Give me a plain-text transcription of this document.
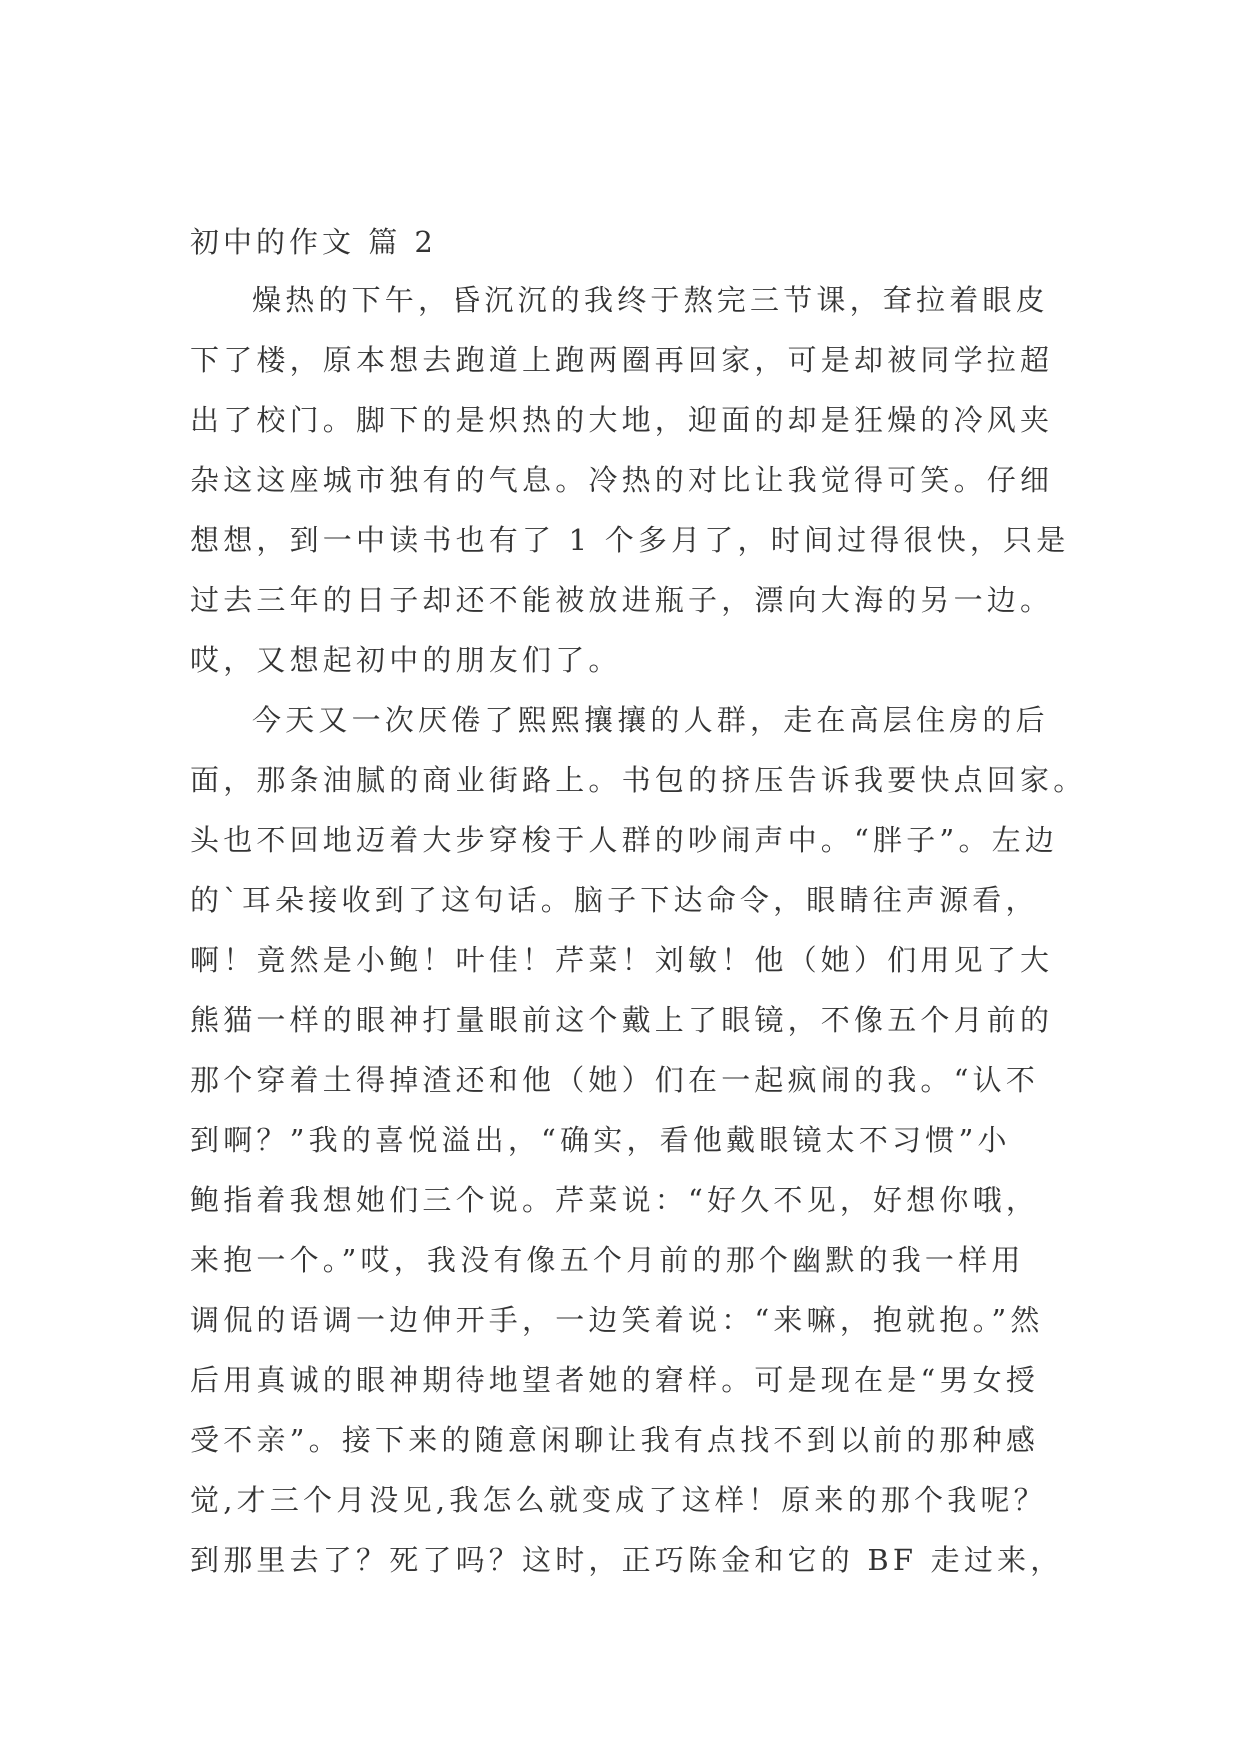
初中的作文 篇 2
燥热的下午，昏沉沉的我终于熬完三节课，耷拉着眼皮
下了楼，原本想去跑道上跑两圈再回家，可是却被同学拉超
出了校门。脚下的是炽热的大地，迎面的却是狂燥的冷风夹
杂这这座城市独有的气息。冷热的对比让我觉得可笑。仔细
想想，到一中读书也有了 1 个多月了，时间过得很快，只是
过去三年的日子却还不能被放进瓶子，漂向大海的另一边。
哎，又想起初中的朋友们了。
今天又一次厌倦了熙熙攘攘的人群，走在高层住房的后
面，那条油腻的商业街路上。书包的挤压告诉我要快点回家。
头也不回地迈着大步穿梭于人群的吵闹声中。“胖子”。左边
的`耳朵接收到了这句话。脑子下达命令，眼睛往声源看，
啊！竟然是小鲍！叶佳！芹菜！刘敏！他（她）们用见了大
熊猫一样的眼神打量眼前这个戴上了眼镜，不像五个月前的
那个穿着土得掉渣还和他（她）们在一起疯闹的我。“认不
到啊？”我的喜悦溢出，“确实，看他戴眼镜太不习惯”小
鲍指着我想她们三个说。芹菜说：“好久不见，好想你哦，
来抱一个。”哎，我没有像五个月前的那个幽默的我一样用
调侃的语调一边伸开手，一边笑着说：“来嘛，抱就抱。”然
后用真诚的眼神期待地望者她的窘样。可是现在是“男女授
受不亲”。接下来的随意闲聊让我有点找不到以前的那种感
觉,才三个月没见,我怎么就变成了这样！原来的那个我呢？
到那里去了？死了吗？这时，正巧陈金和它的 BF 走过来，
